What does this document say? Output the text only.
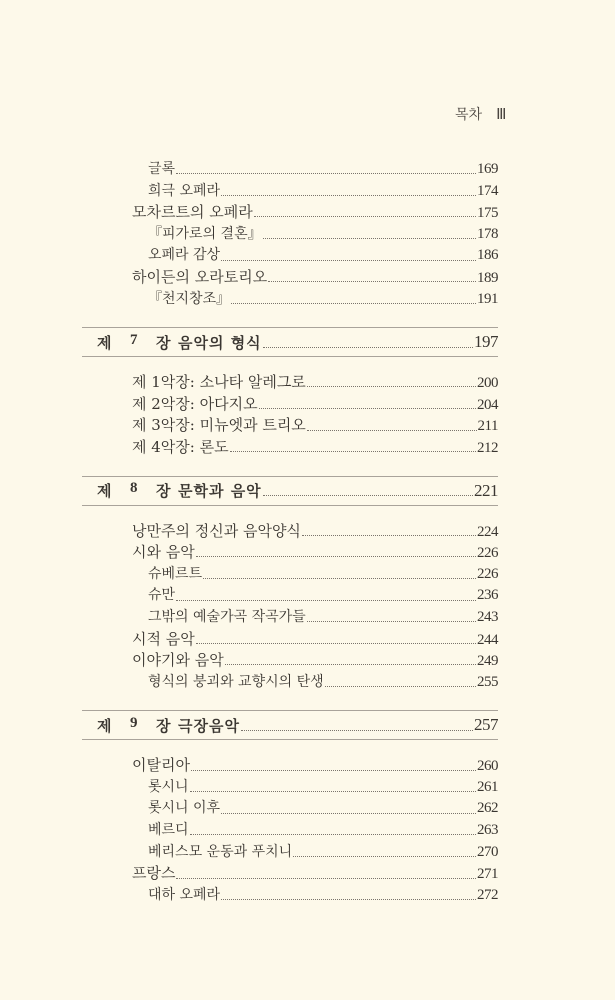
목차 Ⅲ
글록	169
희극 오페라	174
모차르트의 오페라	175
『피가로의 결혼』	178
오페라 감상	186
하이든의 오라토리오	189
『천지창조』	191
제	7	장 음악의 형식	197
제 1악장: 소나타 알레그로	200
제 2악장: 아다지오	204
제 3악장: 미뉴엣과 트리오	211
제 4악장: 론도	212
제	8	장 문학과 음악	221
낭만주의 정신과 음악양식	224
시와 음악	226
슈베르트	226
슈만	236
그밖의 예술가곡 작곡가들	243
시적 음악	244
이야기와 음악	249
형식의 붕괴와 교향시의 탄생	255
제	9	장 극장음악	257
이탈리아	260
롯시니	261
롯시니 이후	262
베르디	263
베리스모 운동과 푸치니	270
프랑스	271
대하 오페라	272
